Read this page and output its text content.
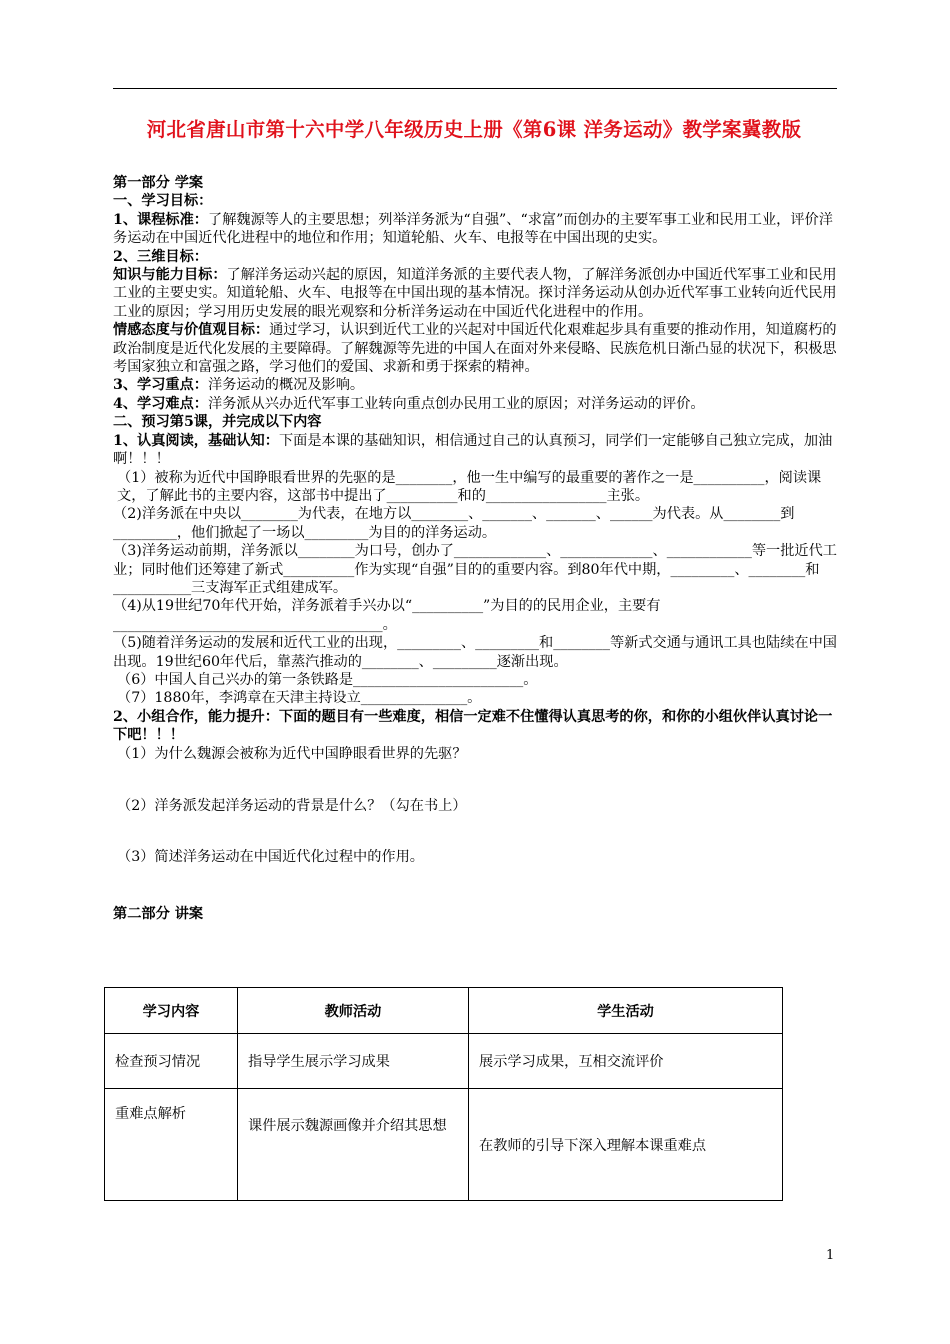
河北省唐山市第十六中学八年级历史上册《第6课 洋务运动》教学案冀教版

第一部分 学案

一、学习目标：

1、课程标准：了解魏源等人的主要思想；列举洋务派为“自强”、“求富”而创办的主要军事工业和民用工业，评价洋务运动在中国近代化进程中的地位和作用；知道轮船、火车、电报等在中国出现的史实。

2、三维目标：

知识与能力目标：了解洋务运动兴起的原因，知道洋务派的主要代表人物，了解洋务派创办中国近代军事工业和民用工业的主要史实。知道轮船、火车、电报等在中国出现的基本情况。探讨洋务运动从创办近代军事工业转向近代民用工业的原因；学习用历史发展的眼光观察和分析洋务运动在中国近代化进程中的作用。

情感态度与价值观目标：通过学习，认识到近代工业的兴起对中国近代化艰难起步具有重要的推动作用，知道腐朽的政治制度是近代化发展的主要障碍。了解魏源等先进的中国人在面对外来侵略、民族危机日渐凸显的状况下，积极思考国家独立和富强之路，学习他们的爱国、求新和勇于探索的精神。

3、学习重点：洋务运动的概况及影响。

4、学习难点：洋务派从兴办近代军事工业转向重点创办民用工业的原因；对洋务运动的评价。

二、预习第5课，并完成以下内容

1、认真阅读，基础认知：下面是本课的基础知识，相信通过自己的认真预习，同学们一定能够自己独立完成，加油啊！！！

（1）被称为近代中国睁眼看世界的先驱的是________，他一生中编写的最重要的著作之一是__________，阅读课文，了解此书的主要内容，这部书中提出了__________和的_________________主张。

（2)洋务派在中央以________为代表，在地方以________、_______、_______、______为代表。从________到_________，他们掀起了一场以_________为目的的洋务运动。

（3)洋务运动前期，洋务派以________为口号，创办了_____________、_____________、____________等一批近代工业；同时他们还筹建了新式__________作为实现“自强”目的的重要内容。到80年代中期，_________、________和___________三支海军正式组建成军。

（4)从19世纪70年代开始，洋务派着手兴办以“__________”为目的的民用企业，主要有______________________________________。

（5)随着洋务运动的发展和近代工业的出现，_________、_________和________等新式交通与通讯工具也陆续在中国出现。19世纪60年代后，靠蒸汽推动的________、_________逐渐出现。

（6）中国人自己兴办的第一条铁路是________________________。

（7）1880年，李鸿章在天津主持设立_______________。

2、小组合作，能力提升：下面的题目有一些难度，相信一定难不住懂得认真思考的你，和你的小组伙伴认真讨论一下吧！！！

（1）为什么魏源会被称为近代中国睁眼看世界的先驱？

（2）洋务派发起洋务运动的背景是什么？（勾在书上）

（3）简述洋务运动在中国近代化过程中的作用。

第二部分 讲案

学习内容	教师活动	学生活动
检查预习情况	指导学生展示学习成果	展示学习成果，互相交流评价
重难点解析	课件展示魏源画像并介绍其思想	在教师的引导下深入理解本课重难点
1
